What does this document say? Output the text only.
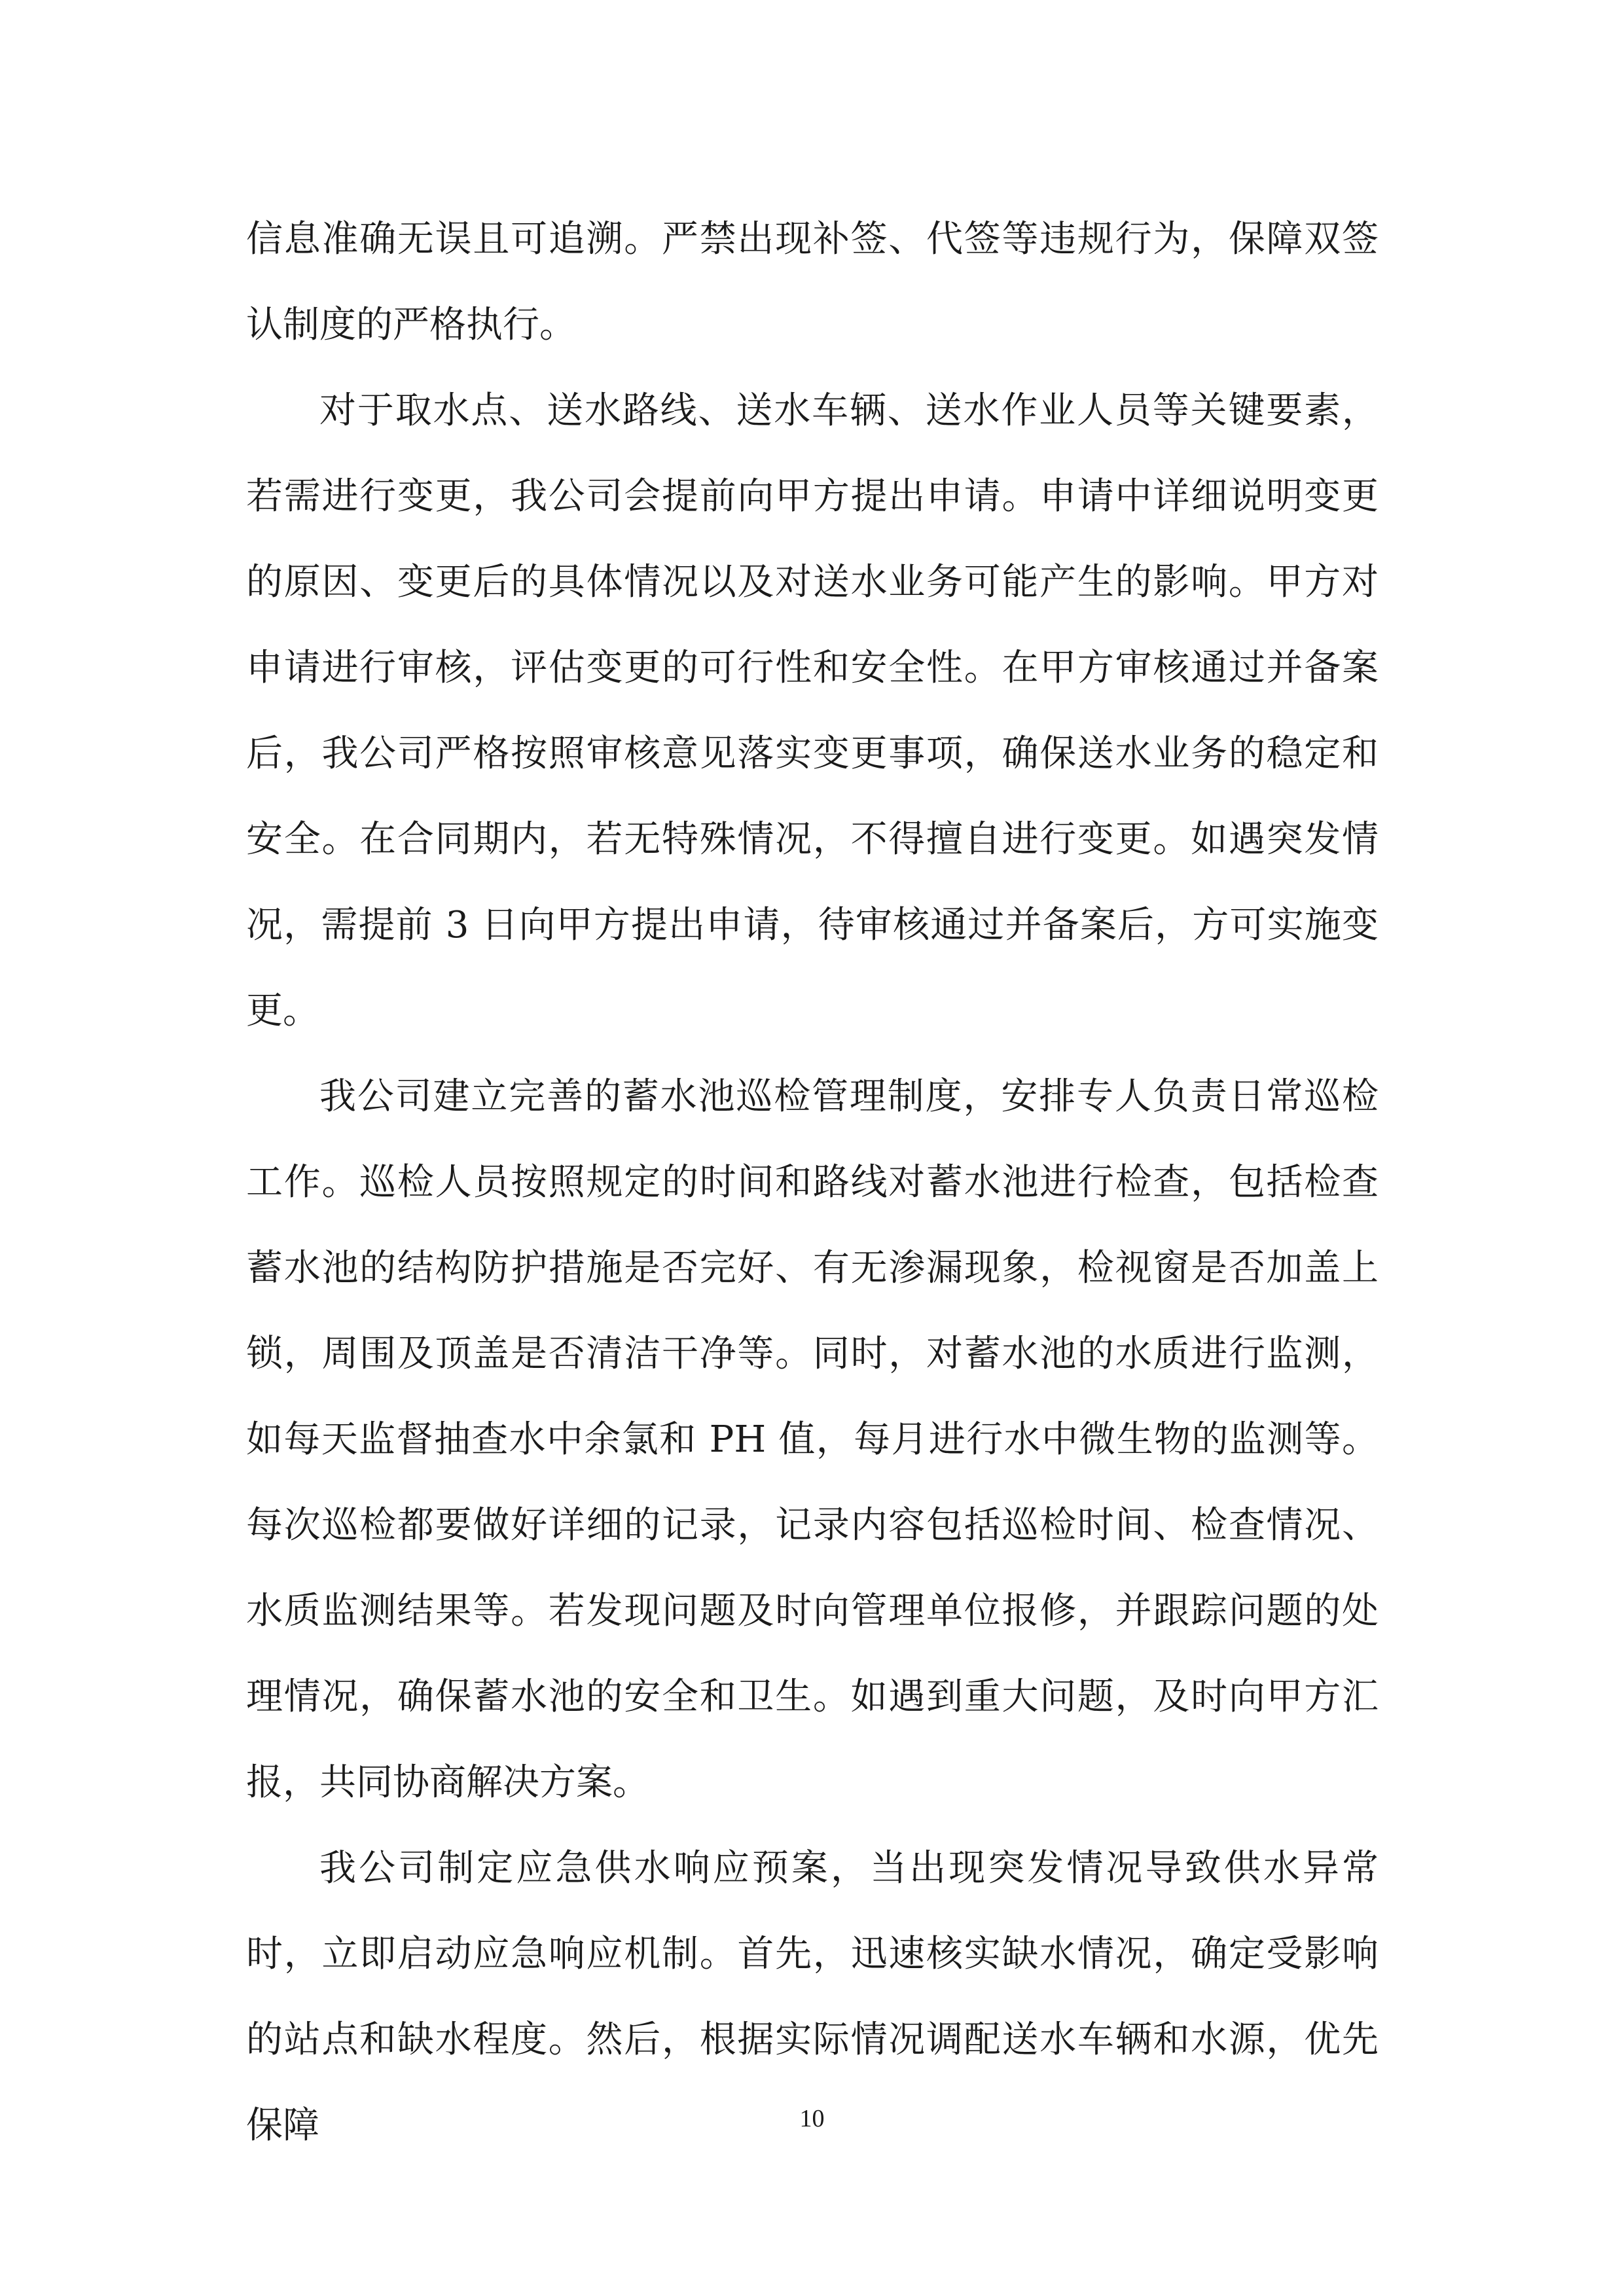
信息准确无误且可追溯。严禁出现补签、代签等违规行为，保障双签认制度的严格执行。

对于取水点、送水路线、送水车辆、送水作业人员等关键要素，若需进行变更，我公司会提前向甲方提出申请。申请中详细说明变更的原因、变更后的具体情况以及对送水业务可能产生的影响。甲方对申请进行审核，评估变更的可行性和安全性。在甲方审核通过并备案后，我公司严格按照审核意见落实变更事项，确保送水业务的稳定和安全。在合同期内，若无特殊情况，不得擅自进行变更。如遇突发情况，需提前 3 日向甲方提出申请，待审核通过并备案后，方可实施变更。

我公司建立完善的蓄水池巡检管理制度，安排专人负责日常巡检工作。巡检人员按照规定的时间和路线对蓄水池进行检查，包括检查蓄水池的结构防护措施是否完好、有无渗漏现象，检视窗是否加盖上锁，周围及顶盖是否清洁干净等。同时，对蓄水池的水质进行监测，如每天监督抽查水中余氯和 PH 值，每月进行水中微生物的监测等。每次巡检都要做好详细的记录，记录内容包括巡检时间、检查情况、水质监测结果等。若发现问题及时向管理单位报修，并跟踪问题的处理情况，确保蓄水池的安全和卫生。如遇到重大问题，及时向甲方汇报，共同协商解决方案。

我公司制定应急供水响应预案，当出现突发情况导致供水异常时，立即启动应急响应机制。首先，迅速核实缺水情况，确定受影响的站点和缺水程度。然后，根据实际情况调配送水车辆和水源，优先保障	10
